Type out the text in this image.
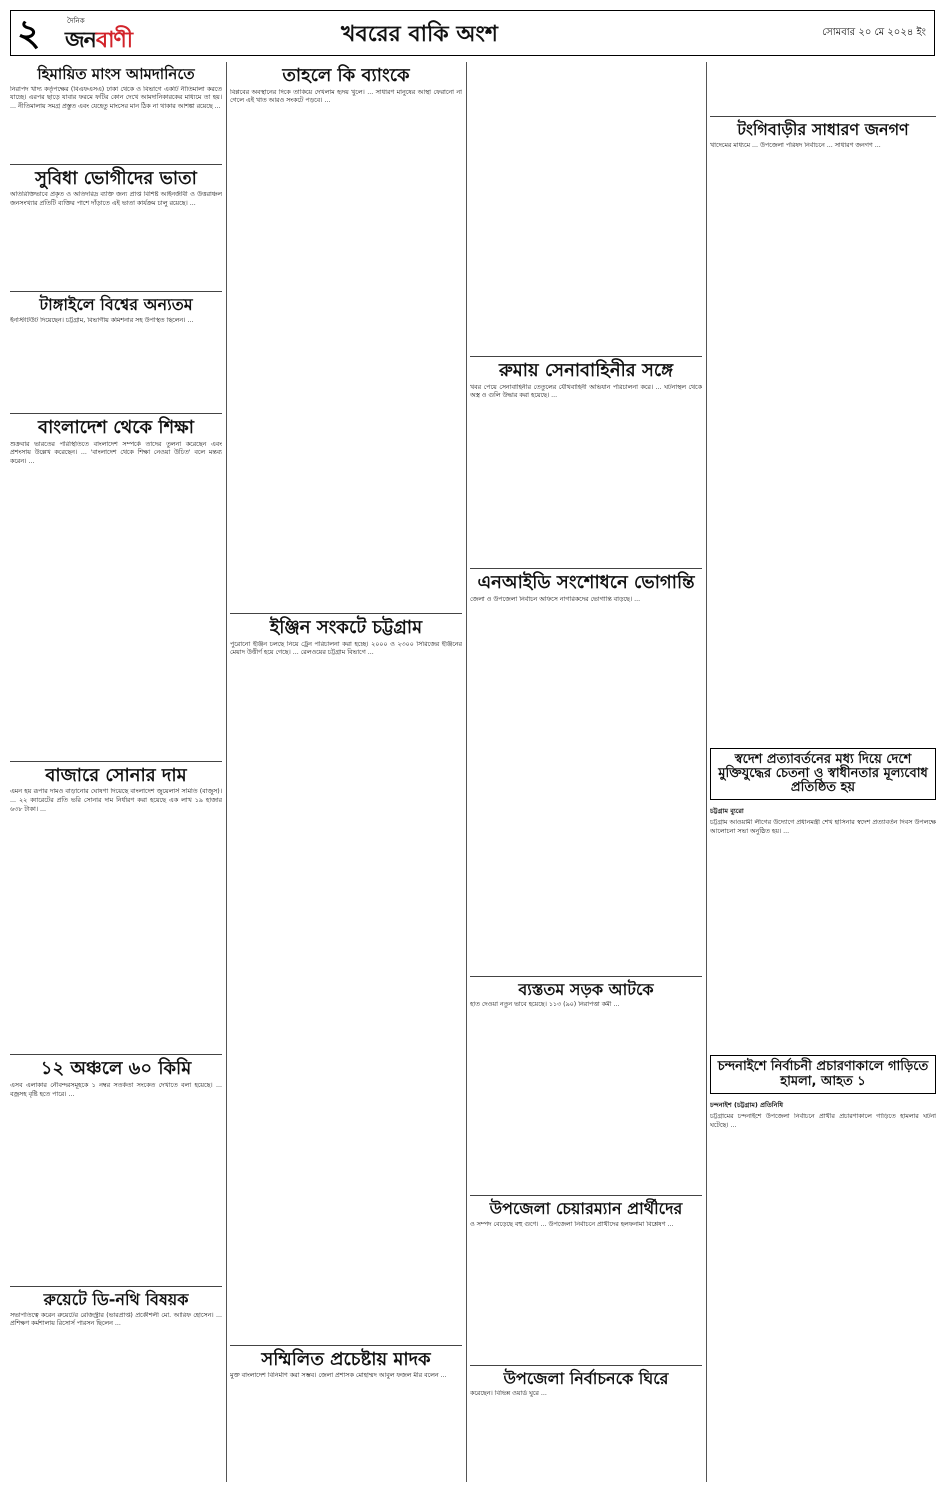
২	দৈনিক
জনবাণী	খবরের বাকি অংশ	সোমবার ২০ মে ২০২৪ ইং
হিমায়িত মাংস আমদানিতে

নিরাপদ খাদ্য কর্তৃপক্ষের (বিএফএসএ) ঢাকা থেকে ও বিভাগে একটি নীতিমালা করতে যাচ্ছে। এরপর ছাড়ে যাবার ফরমে ফটির কোন দেখে আমদানিকারকের মাধ্যমে তা হয়। ... নীতিমালায় সমগ্র প্রস্তুত এবং যেহেতু মাংসের মান ঠিক না থাকার আশঙ্কা রয়েছে ...

সুবিধা ভোগীদের ভাতা

অতিরিক্তিভাবে প্রকৃত ও অতিদরিদ্র ব্যক্তি জন্য প্রাপ্ত বিশিষ্ট আইনজীবী ও উত্তরাঞ্চল জনসংখ্যার প্রতিটি ব্যক্তির পাশে দাঁড়াতে এই ভাতা কার্যক্রম চালু রয়েছে। ...

টাঙ্গাইলে বিশ্বের অন্যতম

ইনস্টিটিউট দিয়েছেন। চট্টগ্রাম, বিভাগীয় কমিশনার সহ উপস্থিত ছিলেন। ...

বাংলাদেশ থেকে শিক্ষা

শুক্রবার ভারতের পরিস্থিতিতে বাংলাদেশ সম্পর্কে তাদের তুলনা করেছেন এবং প্রশংসায় উল্লেখ করেছেন। ... 'বাংলাদেশ থেকে শিক্ষা নেওয়া উচিত' বলে মন্তব্য করেন। ...

বাজারে সোনার দাম

এমন হয় রূপার দামও বাড়ানোর ঘোষণা দিয়েছে বাংলাদেশ জুয়েলার্স সমিতি (বাজুস)। ... ২২ ক্যারেটের প্রতি ভরি সোনার দাম নির্ধারণ করা হয়েছে এক লাখ ১৯ হাজার ৬৩৮ টাকা। ...

১২ অঞ্চলে ৬০ কিমি

এসব এলাকার নৌবন্দরসমূহকে ১ নম্বর সতর্কতা সংকেত দেখাতে বলা হয়েছে। ... বজ্রসহ বৃষ্টি হতে পারে। ...

রুয়েটে ডি-নথি বিষয়ক

সভাপতিত্বে করেন রুয়েটের রেজিস্ট্রার (ভারপ্রাপ্ত) প্রকৌশলী মো. আরিফ হোসেন। ... প্রশিক্ষণ কর্মশালায় রিসোর্স পারসন ছিলেন ...

তাহলে কি ব্যাংকে

বিপ্লবের অবস্থানের দিকে তাকিয়ে দেখলাম হৃদয় খুলে। ... সাধারণ মানুষের আস্থা ফেরানো না গেলে এই খাত আরও সংকটে পড়বে। ...

ইঞ্জিন সংকটে চট্টগ্রাম

পুরোনো ইঞ্জিন চলছে নিয়ে ট্রেন পরিচালনা করা হচ্ছে। ২০০০ ও ২৩০০ সিরিজের ইঞ্জিনের মেয়াদ উত্তীর্ণ হয়ে গেছে। ... রেলওয়ের চট্টগ্রাম বিভাগে ...

সম্মিলিত প্রচেষ্টায় মাদক

মুক্ত বাংলাদেশ বিনির্মাণ করা সম্ভব। জেলা প্রশাসক মোহাম্মদ আবুল ফজল মীর বলেন ...

রুমায় সেনাবাহিনীর সঙ্গে

খবর পেয়ে সেনাবাহিনীর তেতুলের যৌথবাহিনী অভিযান পরিচালনা করে। ... ঘটনাস্থল থেকে অস্ত্র ও গুলি উদ্ধার করা হয়েছে। ...

এনআইডি সংশোধনে ভোগান্তি

জেলা ও উপজেলা নির্বাচন অফিসে নাগরিকদের ভোগান্তি বাড়ছে। ...

ব্যস্ততম সড়ক আটকে

হাত দেওয়া নতুন ভাবে হয়েছে। ১১৩ (৯০) নিরাপত্তা কর্মী ...

উপজেলা চেয়ারম্যান প্রার্থীদের

ও সম্পদ বেড়েছে বহু গুণে। ... উপজেলা নির্বাচনে প্রার্থীদের হলফনামা বিশ্লেষণ ...

উপজেলা নির্বাচনকে ঘিরে

করেছেন। বিভিন্ন ওয়ার্ড ঘুরে ...

টংগিবাড়ীর সাধারণ জনগণ

খাদেমের মাধ্যমে ... উপজেলা পরিষদ নির্বাচনে ... সাধারণ জনগণ ...

স্বদেশ প্রত্যাবর্তনের মধ্য দিয়ে দেশে মুক্তিযুদ্ধের চেতনা ও স্বাধীনতার মূল্যবোধ প্রতিষ্ঠিত হয়
চট্টগ্রাম ব্যুরো

চট্টগ্রাম আওয়ামী লীগের উদ্যোগে প্রধানমন্ত্রী শেখ হাসিনার স্বদেশ প্রত্যাবর্তন দিবস উপলক্ষে আলোচনা সভা অনুষ্ঠিত হয়। ...

চন্দনাইশে নির্বাচনী প্রচারণাকালে গাড়িতে হামলা, আহত ১
চন্দনাইশ (চট্টগ্রাম) প্রতিনিধি

চট্টগ্রামের চন্দনাইশে উপজেলা নির্বাচনে প্রার্থীর প্রচারণাকালে গাড়িতে হামলার ঘটনা ঘটেছে। ...
